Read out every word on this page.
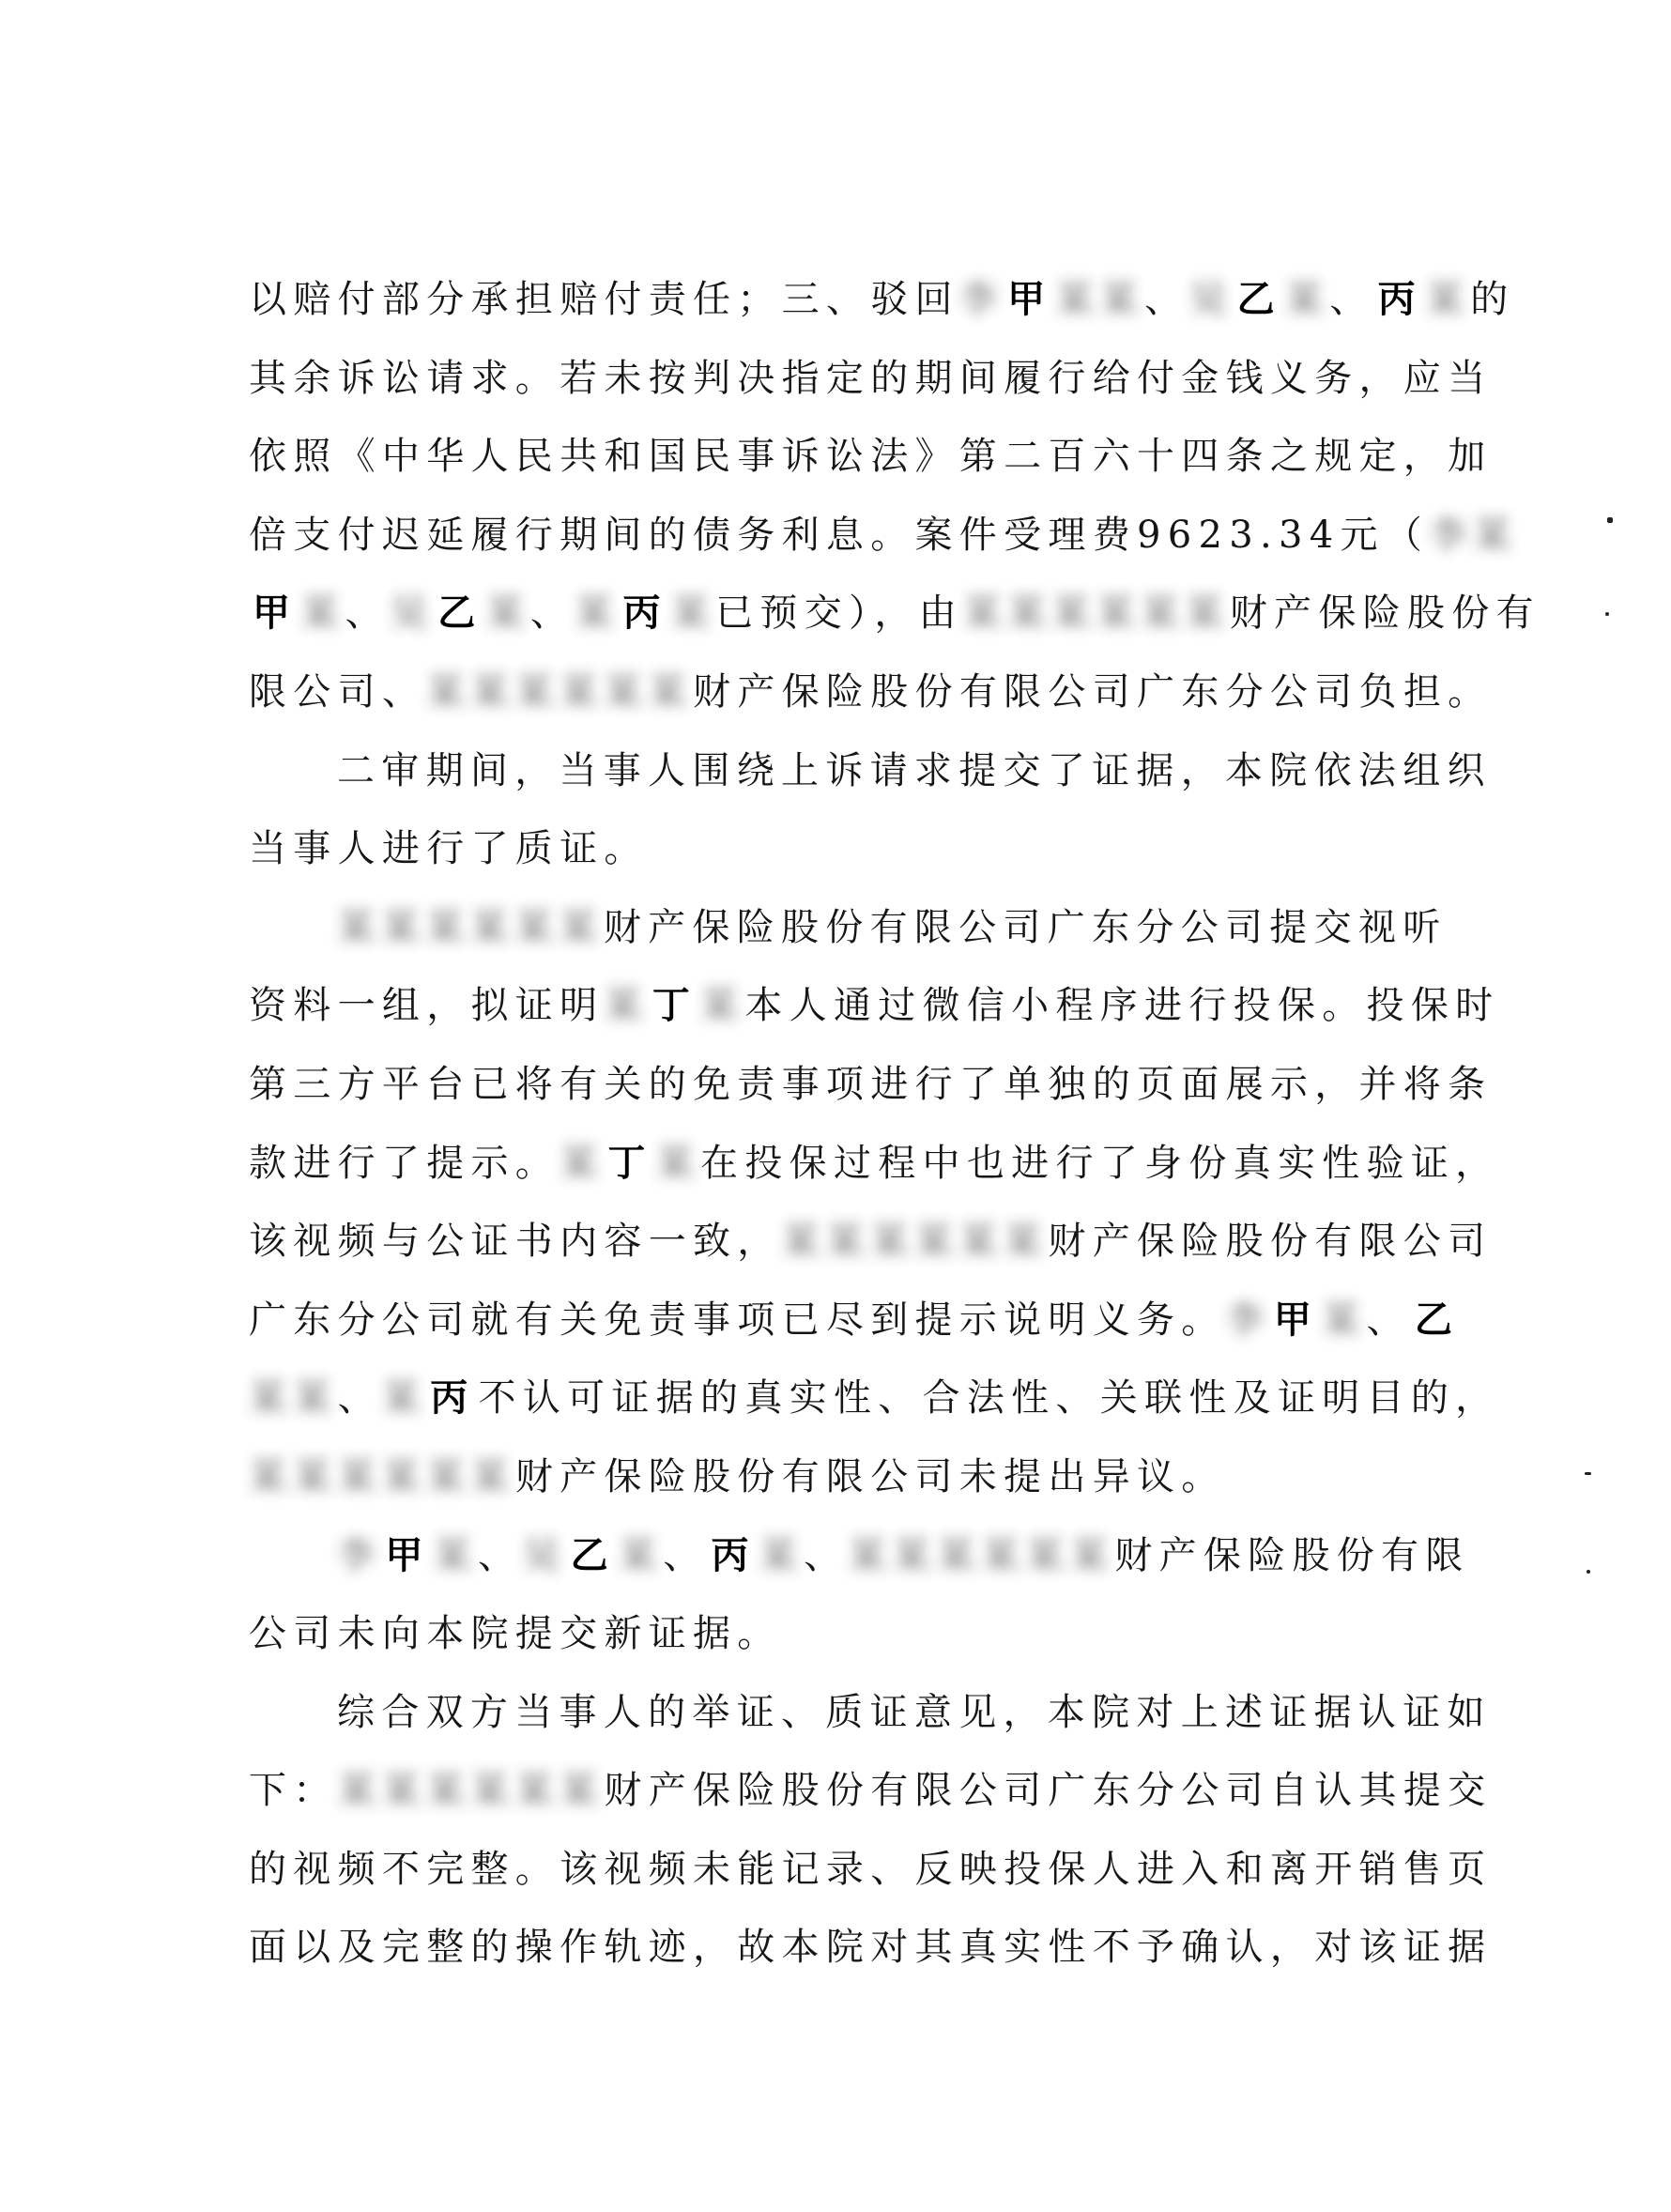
以赔付部分承担赔付责任；三、驳回李 甲 某某、吴 乙 某、 丙 某的
其余诉讼请求。若未按判决指定的期间履行给付金钱义务，应当
依照《中华人民共和国民事诉讼法》第二百六十四条之规定，加
倍支付迟延履行期间的债务利息。案件受理费9623.34元（李某
甲 某、吴 乙 某、某 丙 某已预交），由某某某某某某财产保险股份有
限公司、某某某某某某财产保险股份有限公司广东分公司负担。
二审期间，当事人围绕上诉请求提交了证据，本院依法组织
当事人进行了质证。
某某某某某某财产保险股份有限公司广东分公司提交视听
资料一组，拟证明某 丁 某本人通过微信小程序进行投保。投保时
第三方平台已将有关的免责事项进行了单独的页面展示，并将条
款进行了提示。某 丁 某在投保过程中也进行了身份真实性验证，
该视频与公证书内容一致，某某某某某某财产保险股份有限公司
广东分公司就有关免责事项已尽到提示说明义务。李 甲 某、 乙
某某、某 丙 不认可证据的真实性、合法性、关联性及证明目的，
某某某某某某财产保险股份有限公司未提出异议。
李 甲 某、吴 乙 某、 丙 某、某某某某某某财产保险股份有限
公司未向本院提交新证据。
综合双方当事人的举证、质证意见，本院对上述证据认证如
下：某某某某某某财产保险股份有限公司广东分公司自认其提交
的视频不完整。该视频未能记录、反映投保人进入和离开销售页
面以及完整的操作轨迹，故本院对其真实性不予确认，对该证据
